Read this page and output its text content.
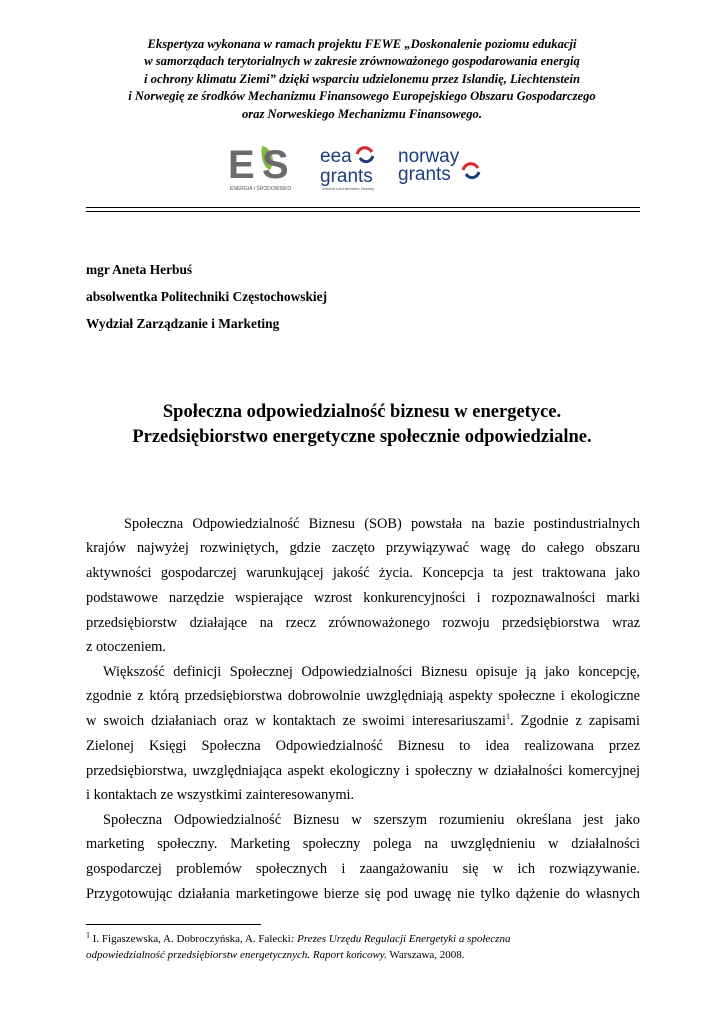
Ekspertyza wykonana w ramach projektu FEWE „Doskonalenie poziomu edukacji
w samorządach terytorialnych w zakresie zrównoważonego gospodarowania energią
i ochrony klimatu Ziemi” dzięki wsparciu udzielonemu przez Islandię, Liechtenstein
i Norwegię ze środków Mechanizmu Finansowego Europejskiego Obszaru Gospodarczego
oraz Norweskiego Mechanizmu Finansowego.
E S
ENERGIA I ŚRODOWISKO
eea
grants
Iceland Liechtenstein Norway
norway
grants
mgr Aneta Herbuś
absolwentka Politechniki Częstochowskiej
Wydział Zarządzanie i Marketing
Społeczna odpowiedzialność biznesu w energetyce.
Przedsiębiorstwo energetyczne społecznie odpowiedzialne.
Społeczna Odpowiedzialność Biznesu (SOB) powstała na bazie postindustrialnych
krajów najwyżej rozwiniętych, gdzie zaczęto przywiązywać wagę do całego obszaru
aktywności gospodarczej warunkującej jakość życia. Koncepcja ta jest traktowana jako
podstawowe narzędzie wspierające wzrost konkurencyjności i rozpoznawalności marki
przedsiębiorstw działające na rzecz zrównoważonego rozwoju przedsiębiorstwa wraz
z otoczeniem.
Większość definicji Społecznej Odpowiedzialności Biznesu opisuje ją jako koncepcję,
zgodnie z którą przedsiębiorstwa dobrowolnie uwzględniają aspekty społeczne i ekologiczne
w swoich działaniach oraz w kontaktach ze swoimi interesariuszami$^1$. Zgodnie z zapisami
Zielonej Księgi Społeczna Odpowiedzialność Biznesu to idea realizowana przez
przedsiębiorstwa, uwzględniająca aspekt ekologiczny i społeczny w działalności komercyjnej
i kontaktach ze wszystkimi zainteresowanymi.
Społeczna Odpowiedzialność Biznesu w szerszym rozumieniu określana jest jako
marketing społeczny. Marketing społeczny polega na uwzględnieniu w działalności
gospodarczej problemów społecznych i zaangażowaniu się w ich rozwiązywanie.
Przygotowując działania marketingowe bierze się pod uwagę nie tylko dążenie do własnych
$^1$ I. Figaszewska, A. Dobroczyńska, A. Falecki: Prezes Urzędu Regulacji Energetyki a społeczna
odpowiedzialność przedsiębiorstw energetycznych. Raport końcowy. Warszawa, 2008.
